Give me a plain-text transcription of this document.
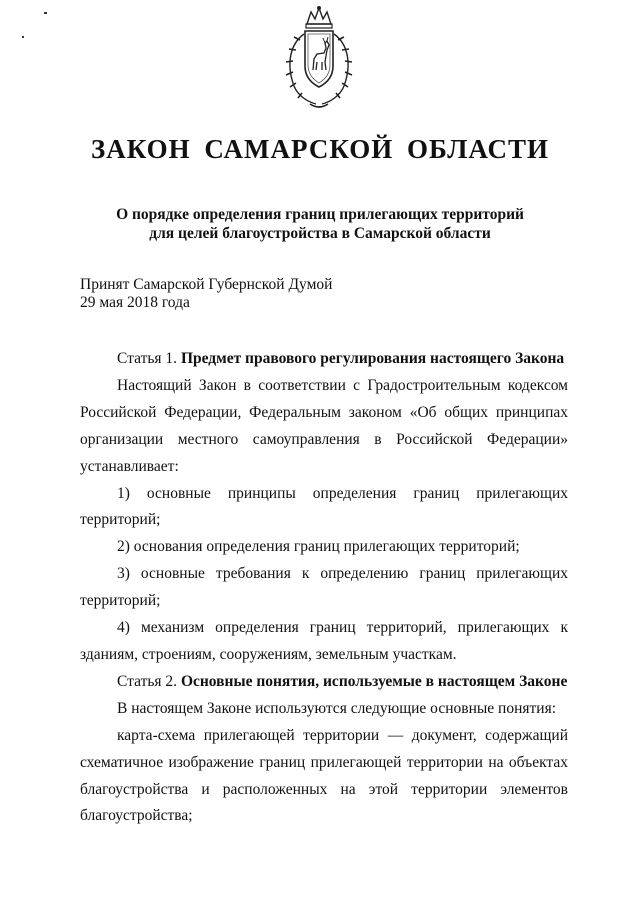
ЗАКОН САМАРСКОЙ ОБЛАСТИ
О порядке определения границ прилегающих территорий
для целей благоустройства в Самарской области
Принят Самарской Губернской Думой
29 мая 2018 года

Статья 1. Предмет правового регулирования настоящего Закона

Настоящий Закон в соответствии с Градостроительным кодексом Российской Федерации, Федеральным законом «Об общих принципах организации местного самоуправления в Российской Федерации» устанавливает:

1) основные принципы определения границ прилегающих территорий;

2) основания определения границ прилегающих территорий;

3) основные требования к определению границ прилегающих территорий;

4) механизм определения границ территорий, прилегающих к зданиям, строениям, сооружениям, земельным участкам.

Статья 2. Основные понятия, используемые в настоящем Законе

В настоящем Законе используются следующие основные понятия:

карта-схема прилегающей территории — документ, содержащий схематичное изображение границ прилегающей территории на объектах благоустройства и расположенных на этой территории элементов благоустройства;
